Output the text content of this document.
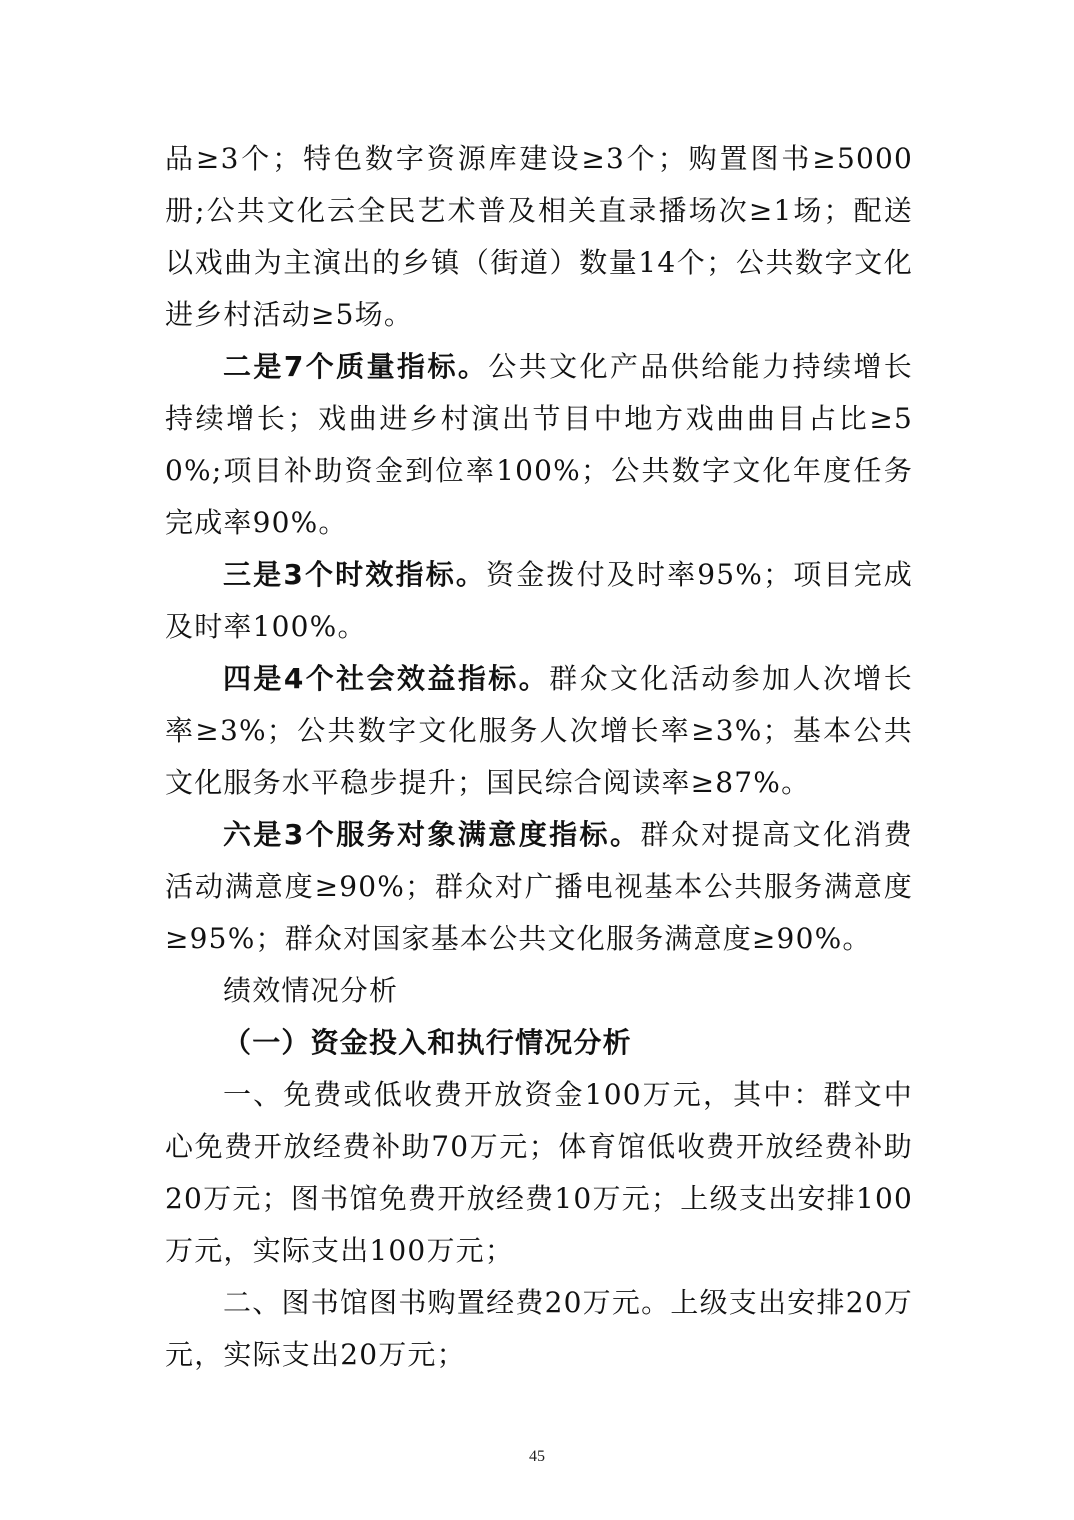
品≥3个；特色数字资源库建设≥3个；购置图书≥5000册;公共文化云全民艺术普及相关直录播场次≥1场；配送以戏曲为主演出的乡镇（街道）数量14个；公共数字文化进乡村活动≥5场。

二是7个质量指标。公共文化产品供给能力持续增长持续增长；戏曲进乡村演出节目中地方戏曲曲目占比≥50%;项目补助资金到位率100%；公共数字文化年度任务完成率90%。

三是3个时效指标。资金拨付及时率95%；项目完成及时率100%。

四是4个社会效益指标。群众文化活动参加人次增长率≥3%；公共数字文化服务人次增长率≥3%；基本公共文化服务水平稳步提升；国民综合阅读率≥87%。

六是3个服务对象满意度指标。群众对提高文化消费活动满意度≥90%；群众对广播电视基本公共服务满意度≥95%；群众对国家基本公共文化服务满意度≥90%。

绩效情况分析

（一）资金投入和执行情况分析

一、免费或低收费开放资金100万元，其中：群文中心免费开放经费补助70万元；体育馆低收费开放经费补助20万元；图书馆免费开放经费10万元；上级支出安排100万元，实际支出100万元；

二、图书馆图书购置经费20万元。上级支出安排20万元，实际支出20万元；

45
